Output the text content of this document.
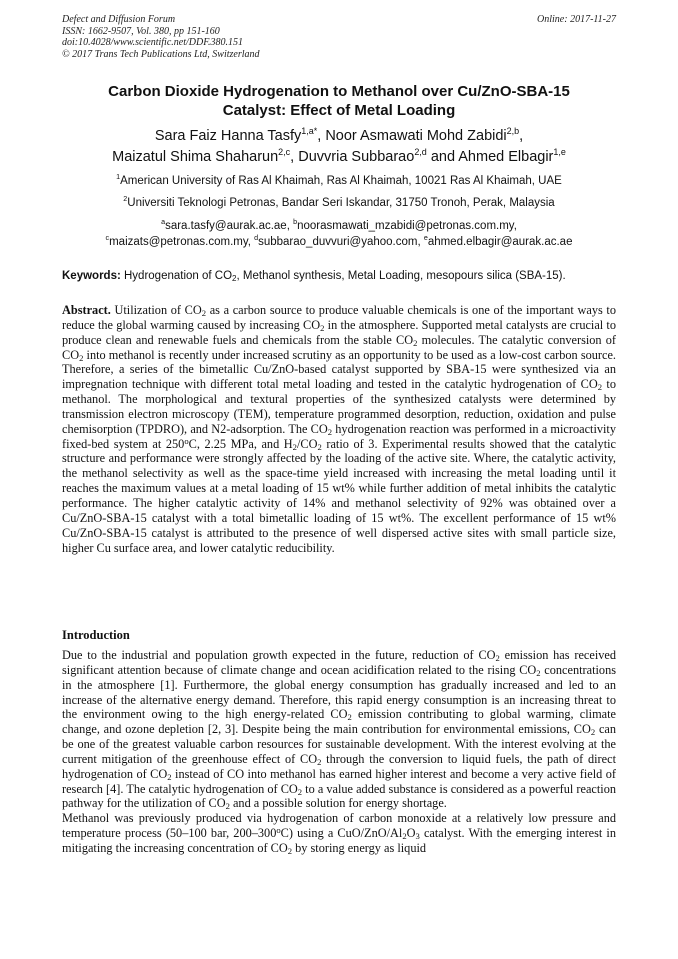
Defect and Diffusion Forum
ISSN: 1662-9507, Vol. 380, pp 151-160
doi:10.4028/www.scientific.net/DDF.380.151
© 2017 Trans Tech Publications Ltd, Switzerland
Online: 2017-11-27
Carbon Dioxide Hydrogenation to Methanol over Cu/ZnO-SBA-15
Catalyst: Effect of Metal Loading
Sara Faiz Hanna Tasfy$^{1,a*}$, Noor Asmawati Mohd Zabidi$^{2,b}$,
Maizatul Shima Shaharun$^{2,c}$, Duvvria Subbarao$^{2,d}$ and Ahmed Elbagir$^{1,e}$
$^1$American University of Ras Al Khaimah, Ras Al Khaimah, 10021 Ras Al Khaimah, UAE
$^2$Universiti Teknologi Petronas, Bandar Seri Iskandar, 31750 Tronoh, Perak, Malaysia
$^a$sara.tasfy@aurak.ac.ae, $^b$noorasmawati_mzabidi@petronas.com.my,
$^c$maizats@petronas.com.my, $^d$subbarao_duvvuri@yahoo.com, $^e$ahmed.elbagir@aurak.ac.ae
Keywords: Hydrogenation of $CO_2$, Methanol synthesis, Metal Loading, mesopours silica (SBA-15).
Abstract. Utilization of $CO_2$ as a carbon source to produce valuable chemicals is one of the important ways to reduce the global warming caused by increasing $CO_2$ in the atmosphere. Supported metal catalysts are crucial to produce clean and renewable fuels and chemicals from the stable $CO_2$ molecules. The catalytic conversion of $CO_2$ into methanol is recently under increased scrutiny as an opportunity to be used as a low-cost carbon source. Therefore, a series of the bimetallic Cu/ZnO-based catalyst supported by SBA-15 were synthesized via an impregnation technique with different total metal loading and tested in the catalytic hydrogenation of $CO_2$ to methanol. The morphological and textural properties of the synthesized catalysts were determined by transmission electron microscopy (TEM), temperature programmed desorption, reduction, oxidation and pulse chemisorption (TPDRO), and N2-adsorption. The $CO_2$ hydrogenation reaction was performed in a microactivity fixed-bed system at 250$^o$C, 2.25 MPa, and $H_2/CO_2$ ratio of 3. Experimental results showed that the catalytic structure and performance were strongly affected by the loading of the active site. Where, the catalytic activity, the methanol selectivity as well as the space-time yield increased with increasing the metal loading until it reaches the maximum values at a metal loading of 15 wt% while further addition of metal inhibits the catalytic performance. The higher catalytic activity of 14% and methanol selectivity of 92% was obtained over a Cu/ZnO-SBA-15 catalyst with a total bimetallic loading of 15 wt%. The excellent performance of 15 wt% Cu/ZnO-SBA-15 catalyst is attributed to the presence of well dispersed active sites with small particle size, higher Cu surface area, and lower catalytic reducibility.
Introduction
Due to the industrial and population growth expected in the future, reduction of $CO_2$ emission has received significant attention because of climate change and ocean acidification related to the rising $CO_2$ concentrations in the atmosphere [1]. Furthermore, the global energy consumption has gradually increased and led to an increase of the alternative energy demand. Therefore, this rapid energy consumption is an increasing threat to the environment owing to the high energy-related $CO_2$ emission contributing to global warming, climate change, and ozone depletion [2, 3]. Despite being the main contribution for environmental emissions, $CO_2$ can be one of the greatest valuable carbon resources for sustainable development. With the interest evolving at the current mitigation of the greenhouse effect of $CO_2$ through the conversion to liquid fuels, the path of direct hydrogenation of $CO_2$ instead of CO into methanol has earned higher interest and become a very active field of research [4]. The catalytic hydrogenation of $CO_2$ to a value added substance is considered as a powerful reaction pathway for the utilization of $CO_2$ and a possible solution for energy shortage.
Methanol was previously produced via hydrogenation of carbon monoxide at a relatively low pressure and temperature process (50–100 bar, 200–300$^o$C) using a CuO/$ZnO/Al_2O_3$ catalyst. With the emerging interest in mitigating the increasing concentration of $CO_2$ by storing energy as liquid
